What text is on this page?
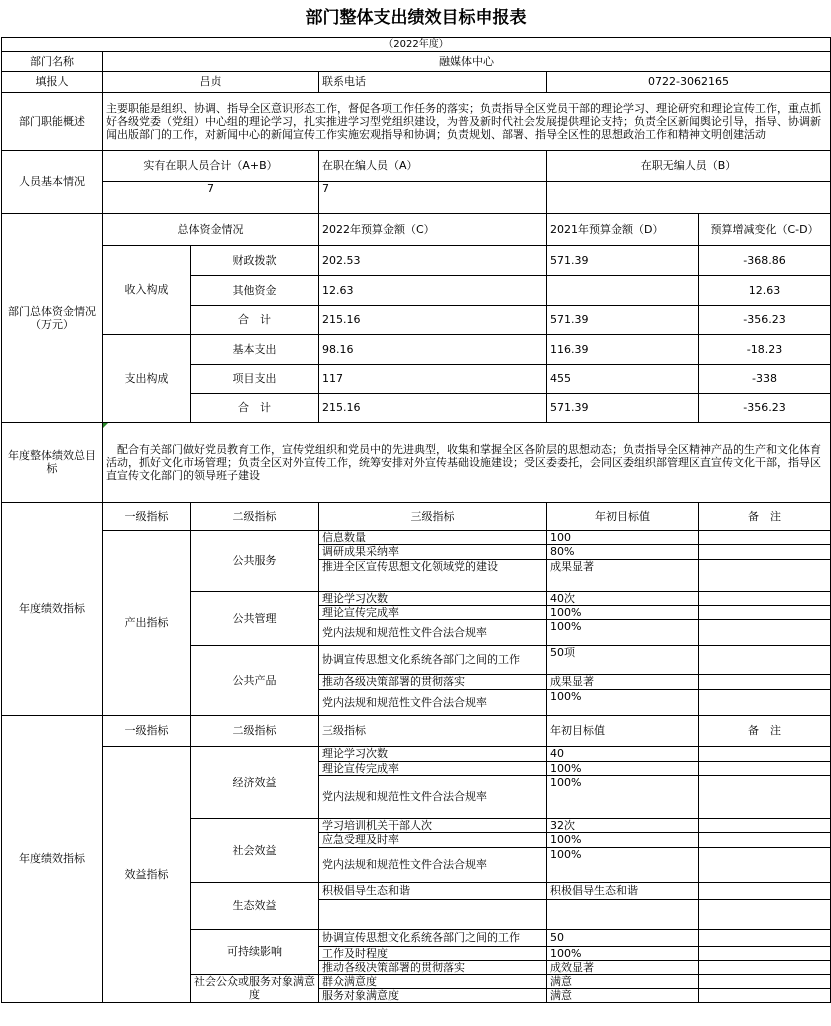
部门整体支出绩效目标申报表					
（2022年度）					
部门名称	融媒体中心				
填报人	吕贞		联系电话	0722-3062165	
部门职能概述	主要职能是组织、协调、指导全区意识形态工作，督促各项工作任务的落实；负责指导全区党员干部的理论学习、理论研究和理论宣传工作，重点抓好各级党委（党组）中心组的理论学习，扎实推进学习型党组织建设，为普及新时代社会发展提供理论支持；负责全区新闻舆论引导，指导、协调新闻出版部门的工作，对新闻中心的新闻宣传工作实施宏观指导和协调；负责规划、部署、指导全区性的思想政治工作和精神文明创建活动				
人员基本情况	实有在职人员合计（A+B）		在职在编人员（A）	在职无编人员（B）	
	7		7		
部门总体资金情况（万元）	总体资金情况		2022年预算金额（C）	2021年预算金额（D）	预算增减变化（C-D）
	收入构成	财政拨款	202.53	571.39	-368.86
		其他资金	12.63		12.63
		合　计	215.16	571.39	-356.23
	支出构成	基本支出	98.16	116.39	-18.23
		项目支出	117	455	-338
		合　计	215.16	571.39	-356.23
年度整体绩效总目标	　配合有关部门做好党员教育工作，宣传党组织和党员中的先进典型，收集和掌握全区各阶层的思想动态；负责指导全区精神产品的生产和文化体育活动，抓好文化市场管理；负责全区对外宣传工作，统筹安排对外宣传基础设施建设；受区委委托，会同区委组织部管理区直宣传文化干部，指导区直宣传文化部门的领导班子建设				
年度绩效指标	一级指标	二级指标	三级指标	年初目标值	备　注
	产出指标	公共服务	信息数量	100	
			调研成果采纳率	80%	
			推进全区宣传思想文化领域党的建设	成果显著	
		公共管理	理论学习次数	40次	
			理论宣传完成率	100%	
			党内法规和规范性文件合法合规率	100%	
		公共产品	协调宣传思想文化系统各部门之间的工作	50项	
			推动各级决策部署的贯彻落实	成果显著	
			党内法规和规范性文件合法合规率	100%	
年度绩效指标	一级指标	二级指标	三级指标	年初目标值	备　注
	效益指标	经济效益	理论学习次数	40	
			理论宣传完成率	100%	
			党内法规和规范性文件合法合规率	100%	
		社会效益	学习培训机关干部人次	32次	
			应急受理及时率	100%	
			党内法规和规范性文件合法合规率	100%	
		生态效益	积极倡导生态和谐	积极倡导生态和谐	

		可持续影响	协调宣传思想文化系统各部门之间的工作	50	
			工作及时程度	100%	
			推动各级决策部署的贯彻落实	成效显著	
		社会公众或服务对象满意度	群众满意度	满意	
			服务对象满意度	满意	
